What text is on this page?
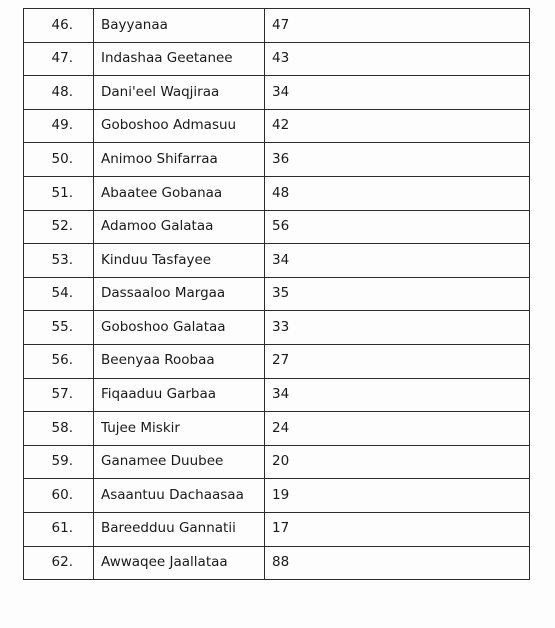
46.	Bayyanaa	47
47.	Indashaa Geetanee	43
48.	Dani'eel Waqjiraa	34
49.	Goboshoo Admasuu	42
50.	Animoo Shifarraa	36
51.	Abaatee Gobanaa	48
52.	Adamoo Galataa	56
53.	Kinduu Tasfayee	34
54.	Dassaaloo Margaa	35
55.	Goboshoo Galataa	33
56.	Beenyaa Roobaa	27
57.	Fiqaaduu Garbaa	34
58.	Tujee Miskir	24
59.	Ganamee Duubee	20
60.	Asaantuu Dachaasaa	19
61.	Bareedduu Gannatii	17
62.	Awwaqee Jaallataa	88
